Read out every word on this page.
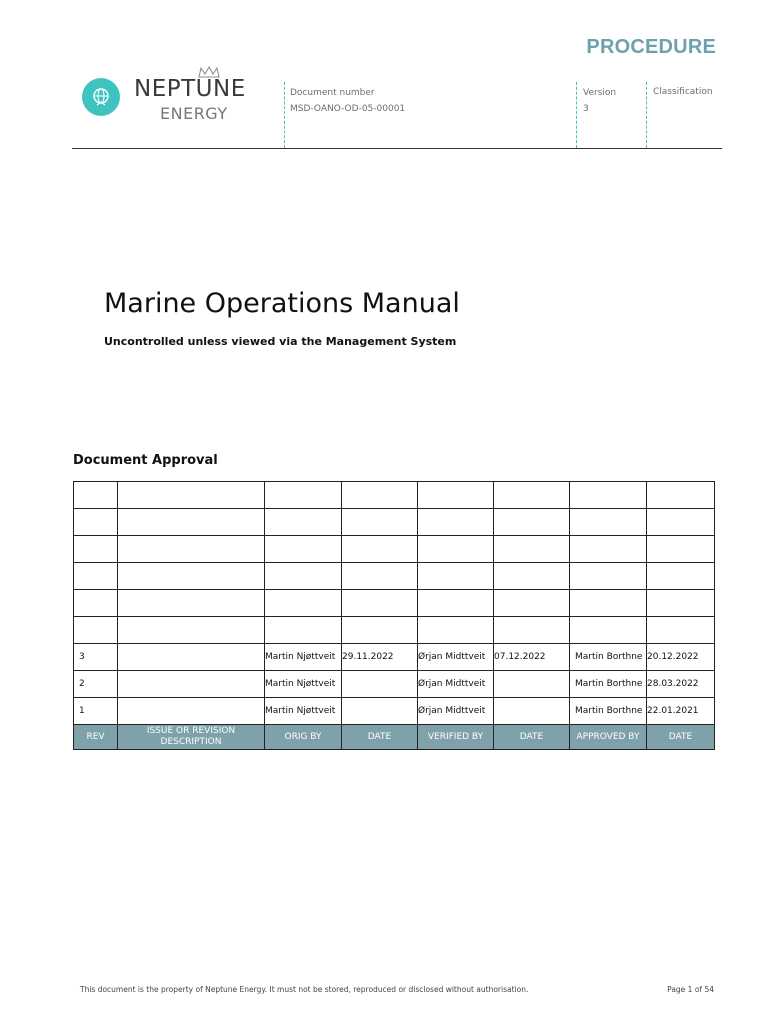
PROCEDURE
NEPTUNE
ENERGY
Document number
MSD-OANO-OD-05-00001
Version
3
Classification
Marine Operations Manual
Uncontrolled unless viewed via the Management System
Document Approval

3		Martin Njøttveit	29.11.2022	Ørjan Midttveit	07.12.2022	Martin Borthne	20.12.2022
2		Martin Njøttveit		Ørjan Midttveit		Martin Borthne	28.03.2022
1		Martin Njøttveit		Ørjan Midttveit		Martin Borthne	22.01.2021
REV	ISSUE OR REVISION DESCRIPTION	ORIG BY	DATE	VERIFIED BY	DATE	APPROVED BY	DATE
This document is the property of Neptune Energy. It must not be stored, reproduced or disclosed without authorisation.	Page 1 of 54
